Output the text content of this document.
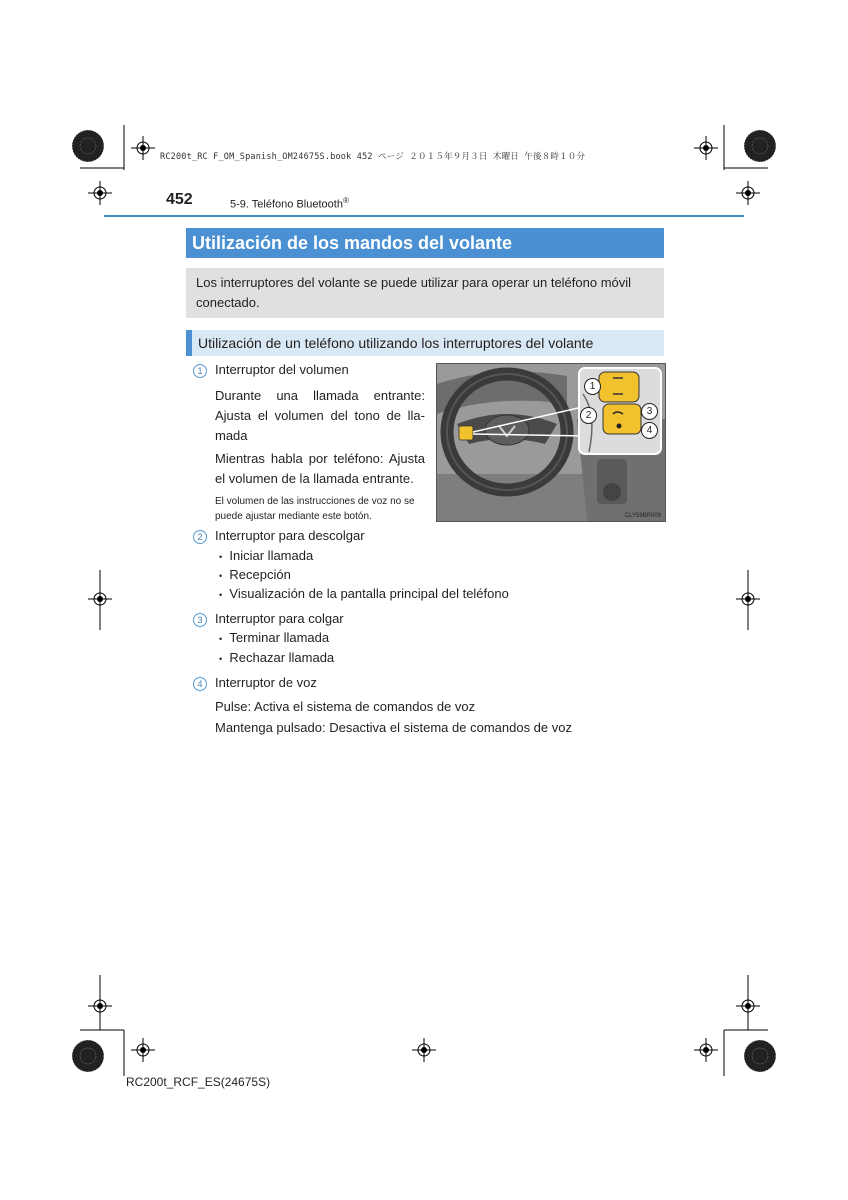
RC200t_RC F_OM_Spanish_OM24675S.book 452 ページ ２０１５年９月３日 木曜日 午後８時１０分
452	5-9. Teléfono Bluetooth®
Utilización de los mandos del volante
Los interruptores del volante se puede utilizar para operar un teléfono móvil conectado.
Utilización de un teléfono utilizando los interruptores del volante
1 Interruptor del volumen
Durante una llamada entrante: Ajusta el volumen del tono de lla-mada
Mientras habla por teléfono: Ajusta el volumen de la llamada entrante.
El volumen de las instrucciones de voz no se puede ajustar mediante este botón.
1
2	3
4
CLY59BR009
2 Interruptor para descolgar
• Iniciar llamada
• Recepción
• Visualización de la pantalla principal del teléfono
3 Interruptor para colgar
• Terminar llamada
• Rechazar llamada
4 Interruptor de voz
Pulse: Activa el sistema de comandos de voz
Mantenga pulsado: Desactiva el sistema de comandos de voz
RC200t_RCF_ES(24675S)
